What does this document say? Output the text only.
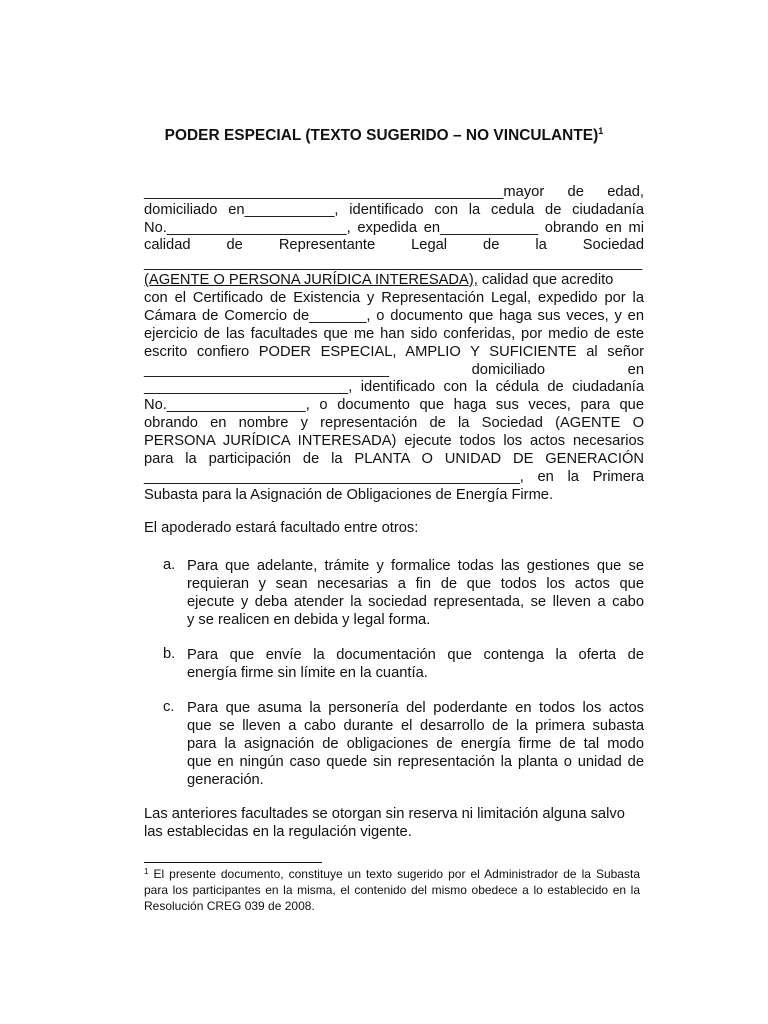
PODER ESPECIAL (TEXTO SUGERIDO – NO VINCULANTE)$^1$
____________________________________________mayor de edad,
domiciliado en___________, identificado con la cedula de ciudadanía
No.______________________, expedida en____________ obrando en mi
calidad de Representante Legal de la Sociedad
_____________________________________________________________
(AGENTE O PERSONA JURÍDICA INTERESADA), calidad que acredito
con el Certificado de Existencia y Representación Legal, expedido por la
Cámara de Comercio de_______, o documento que haga sus veces, y en
ejercicio de las facultades que me han sido conferidas, por medio de este
escrito confiero PODER ESPECIAL, AMPLIO Y SUFICIENTE al señor
______________________________ domiciliado en
_________________________, identificado con la cédula de ciudadanía
No._________________, o documento que haga sus veces, para que
obrando en nombre y representación de la Sociedad (AGENTE O
PERSONA JURÍDICA INTERESADA) ejecute todos los actos necesarios
para la participación de la PLANTA O UNIDAD DE GENERACIÓN
______________________________________________, en la Primera
Subasta para la Asignación de Obligaciones de Energía Firme.
El apoderado estará facultado entre otros:
a. Para que adelante, trámite y formalice todas las gestiones que se
requieran y sean necesarias a fin de que todos los actos que
ejecute y deba atender la sociedad representada, se lleven a cabo
y se realicen en debida y legal forma.
b. Para que envíe la documentación que contenga la oferta de
energía firme sin límite en la cuantía.
c. Para que asuma la personería del poderdante en todos los actos
que se lleven a cabo durante el desarrollo de la primera subasta
para la asignación de obligaciones de energía firme de tal modo
que en ningún caso quede sin representación la planta o unidad de
generación.
Las anteriores facultades se otorgan sin reserva ni limitación alguna salvo
las establecidas en la regulación vigente.
$^1$ El presente documento, constituye un texto sugerido por el Administrador de la Subasta
para los participantes en la misma, el contenido del mismo obedece a lo establecido en la
Resolución CREG 039 de 2008.
